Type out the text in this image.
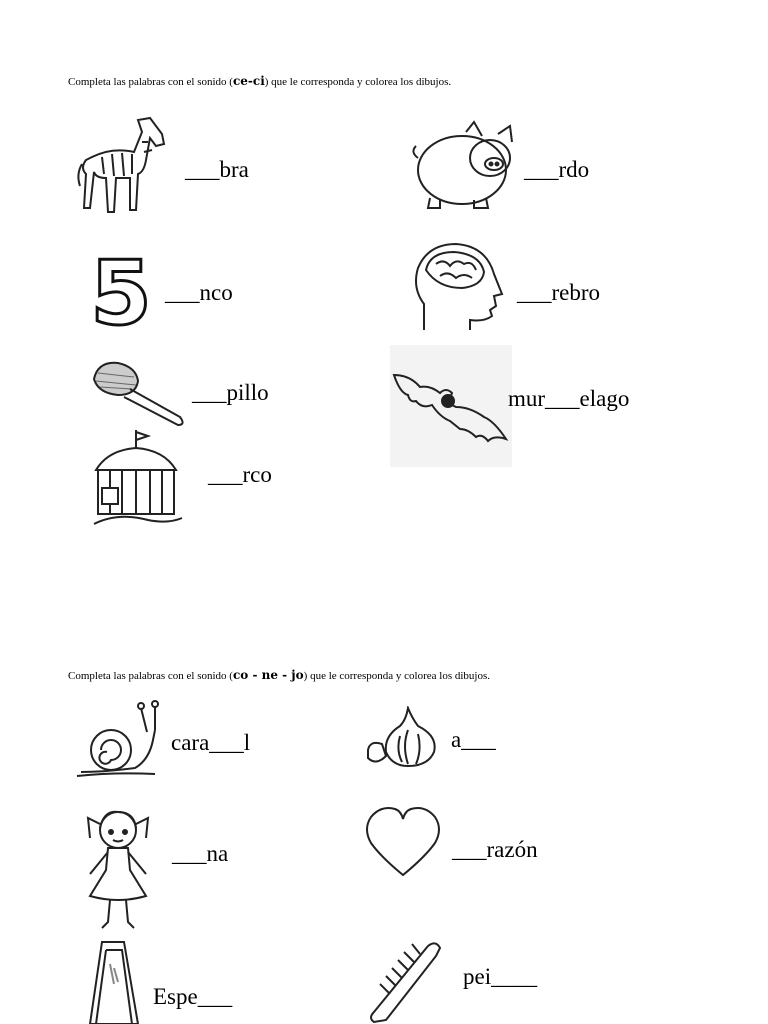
Completa las palabras con el sonido (ce-ci) que le corresponda y colorea los dibujos.
___bra	___rdo
5 ___nco	___rebro
___pillo	mur___elago
___rco
Completa las palabras con el sonido (co - ne - jo) que le corresponda y colorea los dibujos.
cara___l	a___
___na	___razón
Espe___
pei____
